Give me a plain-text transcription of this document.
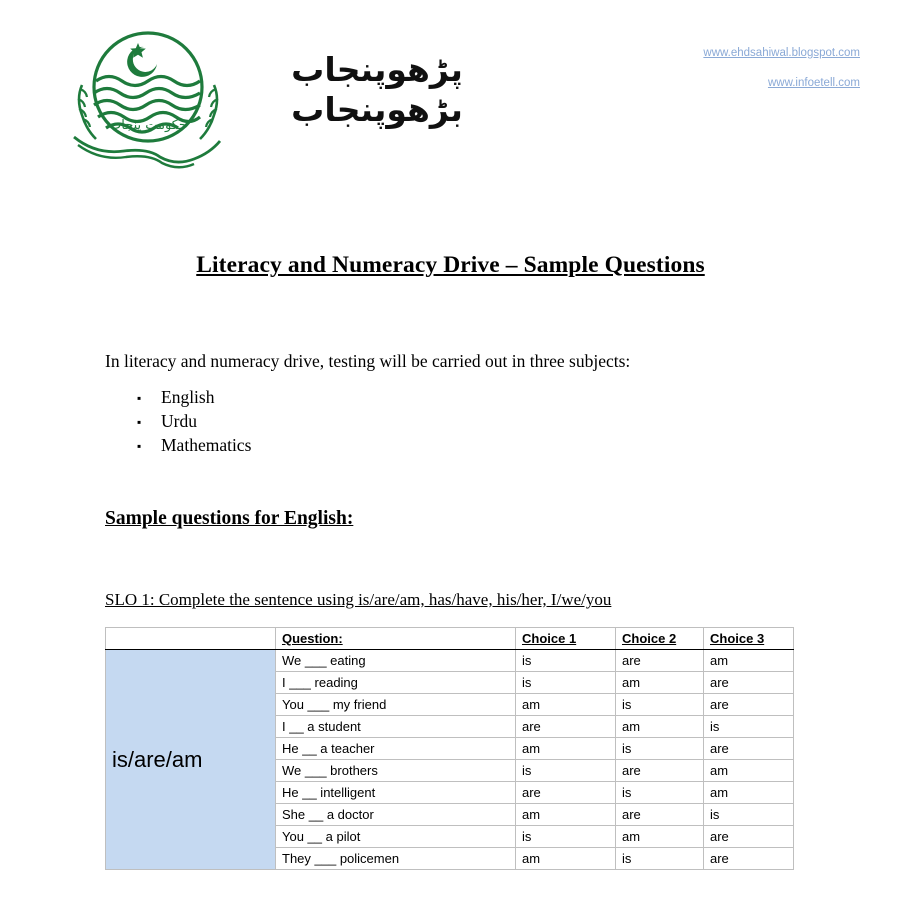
حکومت پنجاب
پڑھوپنجاب
بڑھوپنجاب
www.ehdsahiwal.blogspot.com
www.infoetell.com
Literacy and Numeracy Drive – Sample Questions
In literacy and numeracy drive, testing will be carried out in three subjects:
▪ English
▪ Urdu
▪ Mathematics
Sample questions for English:
SLO 1: Complete the sentence using is/are/am, has/have, his/her, I/we/you
	Question:	Choice 1	Choice 2	Choice 3
is/are/am	We ___ eating	is	are	am
	I ___ reading	is	am	are
	You ___ my friend	am	is	are
	I __ a student	are	am	is
	He __ a teacher	am	is	are
	We ___ brothers	is	are	am
	He __ intelligent	are	is	am
	She __ a doctor	am	are	is
	You __ a pilot	is	am	are
	They ___ policemen	am	is	are
